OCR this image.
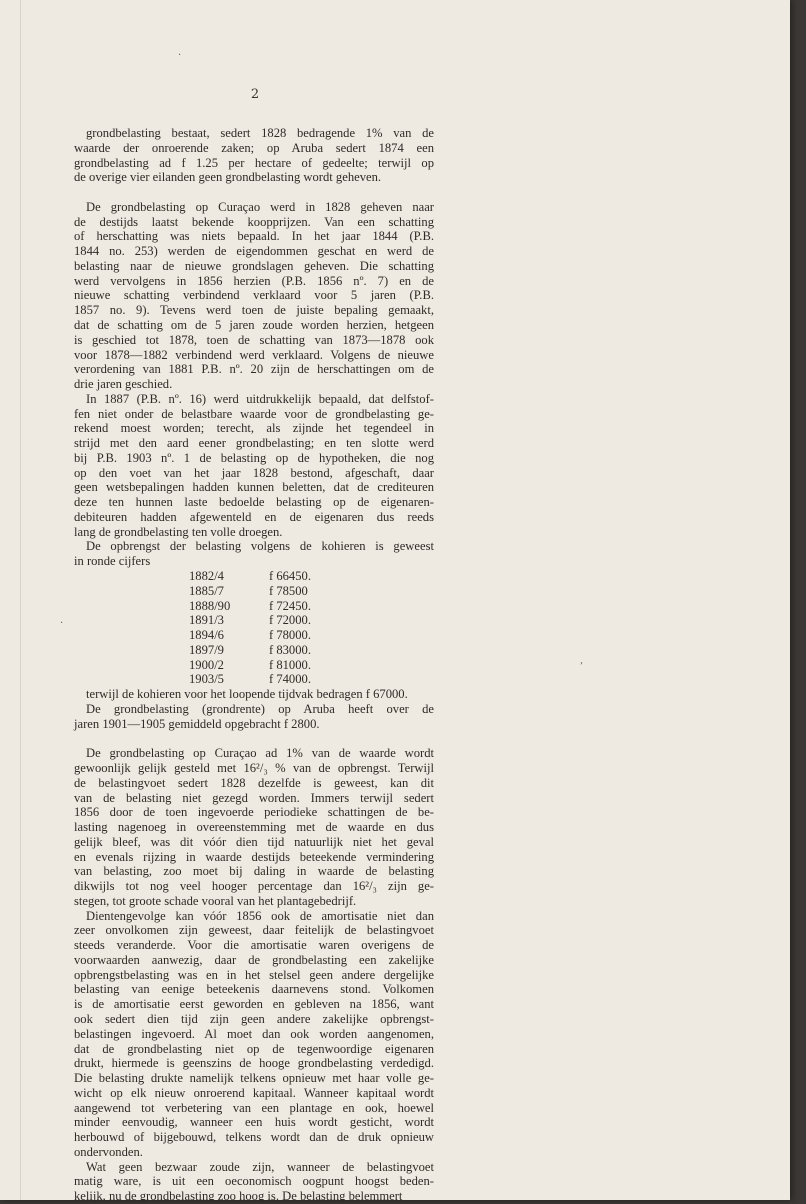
2
grondbelasting bestaat, sedert 1828 bedragende 1% van de
waarde der onroerende zaken; op Aruba sedert 1874 een
grondbelasting ad f 1.25 per hectare of gedeelte; terwijl op
de overige vier eilanden geen grondbelasting wordt geheven.
De grondbelasting op Curaçao werd in 1828 geheven naar
de destijds laatst bekende koopprijzen. Van een schatting
of herschatting was niets bepaald. In het jaar 1844 (P.B.
1844 no. 253) werden de eigendommen geschat en werd de
belasting naar de nieuwe grondslagen geheven. Die schatting
werd vervolgens in 1856 herzien (P.B. 1856 nº. 7) en de
nieuwe schatting verbindend verklaard voor 5 jaren (P.B.
1857 no. 9). Tevens werd toen de juiste bepaling gemaakt,
dat de schatting om de 5 jaren zoude worden herzien, hetgeen
is geschied tot 1878, toen de schatting van 1873—1878 ook
voor 1878—1882 verbindend werd verklaard. Volgens de nieuwe
verordening van 1881 P.B. nº. 20 zijn de herschattingen om de
drie jaren geschied.
In 1887 (P.B. nº. 16) werd uitdrukkelijk bepaald, dat delfstof-
fen niet onder de belastbare waarde voor de grondbelasting ge-
rekend moest worden; terecht, als zijnde het tegendeel in
strijd met den aard eener grondbelasting; en ten slotte werd
bij P.B. 1903 nº. 1 de belasting op de hypotheken, die nog
op den voet van het jaar 1828 bestond, afgeschaft, daar
geen wetsbepalingen hadden kunnen beletten, dat de crediteuren
deze ten hunnen laste bedoelde belasting op de eigenaren-
debiteuren hadden afgewenteld en de eigenaren dus reeds
lang de grondbelasting ten volle droegen.
De opbrengst der belasting volgens de kohieren is geweest
in ronde cijfers
1882/4	f 66450.
1885/7	f 78500
1888/90	f 72450.
1891/3	f 72000.
1894/6	f 78000.
1897/9	f 83000.
1900/2	f 81000.
1903/5	f 74000.
terwijl de kohieren voor het loopende tijdvak bedragen f 67000.
De grondbelasting (grondrente) op Aruba heeft over de
jaren 1901—1905 gemiddeld opgebracht f 2800.
De grondbelasting op Curaçao ad 1% van de waarde wordt
gewoonlijk gelijk gesteld met 16²/₃ % van de opbrengst. Terwijl
de belastingvoet sedert 1828 dezelfde is geweest, kan dit
van de belasting niet gezegd worden. Immers terwijl sedert
1856 door de toen ingevoerde periodieke schattingen de be-
lasting nagenoeg in overeenstemming met de waarde en dus
gelijk bleef, was dit vóór dien tijd natuurlijk niet het geval
en evenals rijzing in waarde destijds beteekende vermindering
van belasting, zoo moet bij daling in waarde de belasting
dikwijls tot nog veel hooger percentage dan 16²/₃ zijn ge-
stegen, tot groote schade vooral van het plantagebedrijf.
Dientengevolge kan vóór 1856 ook de amortisatie niet dan
zeer onvolkomen zijn geweest, daar feitelijk de belastingvoet
steeds veranderde. Voor die amortisatie waren overigens de
voorwaarden aanwezig, daar de grondbelasting een zakelijke
opbrengstbelasting was en in het stelsel geen andere dergelijke
belasting van eenige beteekenis daarnevens stond. Volkomen
is de amortisatie eerst geworden en gebleven na 1856, want
ook sedert dien tijd zijn geen andere zakelijke opbrengst-
belastingen ingevoerd. Al moet dan ook worden aangenomen,
dat de grondbelasting niet op de tegenwoordige eigenaren
drukt, hiermede is geenszins de hooge grondbelasting verdedigd.
Die belasting drukte namelijk telkens opnieuw met haar volle ge-
wicht op elk nieuw onroerend kapitaal. Wanneer kapitaal wordt
aangewend tot verbetering van een plantage en ook, hoewel
minder eenvoudig, wanneer een huis wordt gesticht, wordt
herbouwd of bijgebouwd, telkens wordt dan de druk opnieuw
ondervonden.
Wat geen bezwaar zoude zijn, wanneer de belastingvoet
matig ware, is uit een oeconomisch oogpunt hoogst beden-
kelijk, nu de grondbelasting zoo hoog is. De belasting belemmert
·
·
,
